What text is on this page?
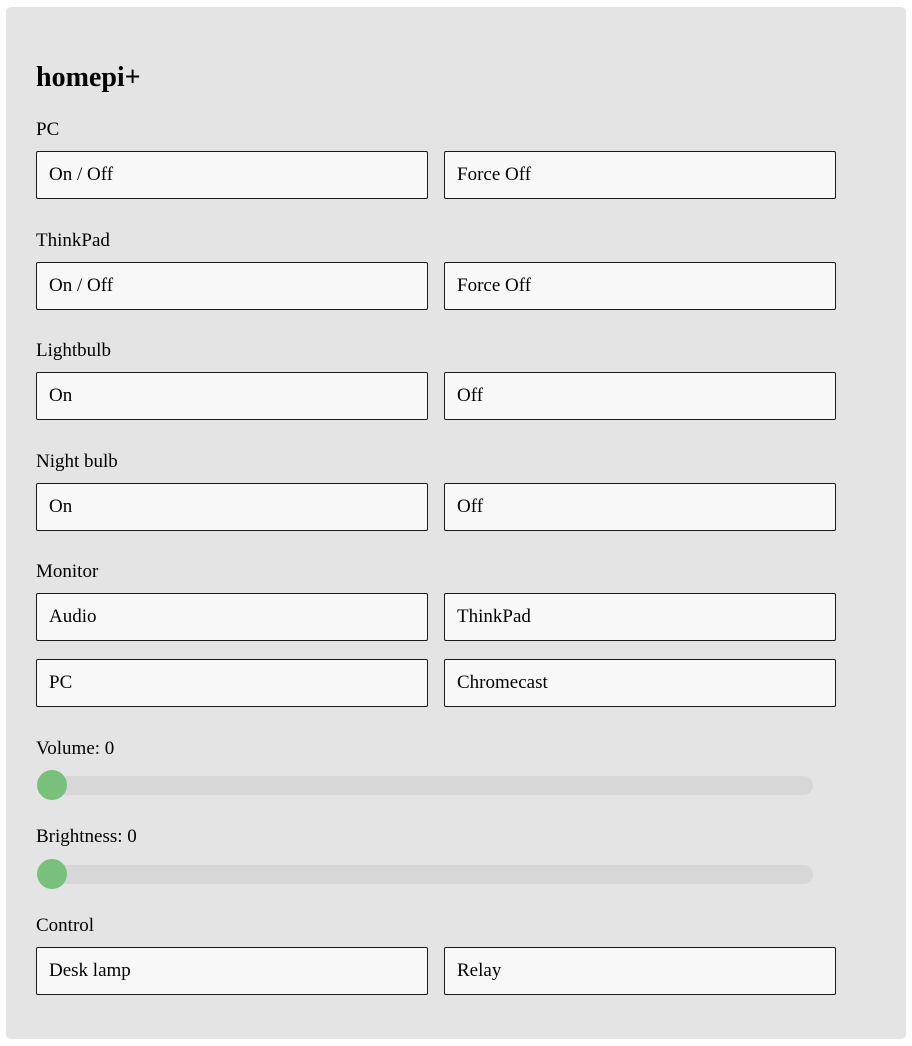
homepi+
PC
On / Off	Force Off
ThinkPad
On / Off	Force Off
Lightbulb
On	Off
Night bulb
On	Off
Monitor
Audio	ThinkPad
PC	Chromecast
Volume: 0
Brightness: 0
Control
Desk lamp	Relay
